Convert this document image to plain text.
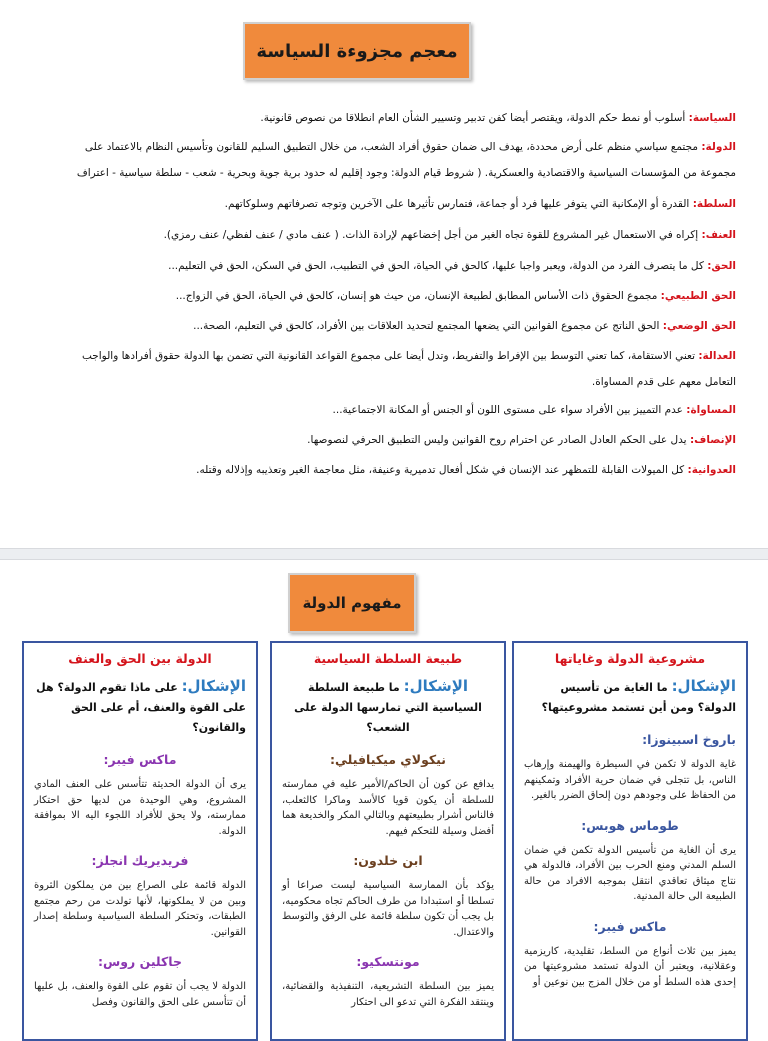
معجم مجزوءة السياسة
السياسة: أسلوب أو نمط حكم الدولة، ويقتصر أيضا كفن تدبير وتسيير الشأن العام انطلاقا من نصوص قانونية.
الدولة: مجتمع سياسي منظم على أرض محددة، يهدف الى ضمان حقوق أفراد الشعب، من خلال التطبيق السليم للقانون وتأسيس النظام بالاعتماد على مجموعة من المؤسسات السياسية والاقتصادية والعسكرية. ( شروط قيام الدولة: وجود إقليم له حدود برية جوية وبحرية - شعب - سلطة سياسية - اعتراف
السلطة: القدرة أو الإمكانية التي يتوفر عليها فرد أو جماعة، فتمارس تأثيرها على الآخرين وتوجه تصرفاتهم وسلوكاتهم.
العنف: إكراه في الاستعمال غير المشروع للقوة تجاه الغير من أجل إخضاعهم لإرادة الذات. ( عنف مادي / عنف لفظي/ عنف رمزي).
الحق: كل ما يتصرف الفرد من الدولة، ويعبر واجبا عليها، كالحق في الحياة، الحق في التطبيب، الحق في السكن، الحق في التعليم...
الحق الطبيعي: مجموع الحقوق ذات الأساس المطابق لطبيعة الإنسان، من حيث هو إنسان، كالحق في الحياة، الحق في الزواج...
الحق الوضعي: الحق الناتج عن مجموع القوانين التي يضعها المجتمع لتحديد العلاقات بين الأفراد، كالحق في التعليم، الصحة...
العدالة: تعني الاستقامة، كما تعني التوسط بين الإفراط والتفريط، وتدل أيضا على مجموع القواعد القانونية التي تضمن بها الدولة حقوق أفرادها والواجب التعامل معهم على قدم المساواة.
المساواة: عدم التمييز بين الأفراد سواء على مستوى اللون أو الجنس أو المكانة الاجتماعية...
الإنصاف: يدل على الحكم العادل الصادر عن احترام روح القوانين وليس التطبيق الحرفي لنصوصها.
العدوانية: كل الميولات القابلة للتمظهر عند الإنسان في شكل أفعال تدميرية وعنيفة، مثل معاجمة الغير وتعذيبه وإذلاله وقتله.
مفهوم الدولة
مشروعية الدولة وغاياتها
الإشكال: ما الغاية من تأسيس الدولة؟ ومن أين تستمد مشروعيتها؟
باروخ اسبينوزا:
غاية الدولة لا تكمن في السيطرة والهيمنة وإرهاب الناس، بل تتجلى في ضمان حرية الأفراد وتمكينهم من الحفاظ على وجودهم دون إلحاق الضرر بالغير.
طوماس هوبس:
يرى أن الغاية من تأسيس الدولة تكمن في ضمان السلم المدني ومنع الحرب بين الأفراد، فالدولة هي نتاج ميثاق تعاقدي انتقل بموجبه الافراد من حالة الطبيعة الى حالة المدنية.
ماكس فيبر:
يميز بين ثلاث أنواع من السلط، تقليدية، كاريزمية وعقلانية، ويعتبر أن الدولة تستمد مشروعيتها من إحدى هذه السلط أو من خلال المزج بين نوعين أو
طبيعة السلطة السياسية
الإشكال: ما طبيعة السلطة السياسية التي تمارسها الدولة على الشعب؟
نيكولاي ميكيافيلي:
يدافع عن كون أن الحاكم/الأمير عليه في ممارسته للسلطة أن يكون قويا كالأسد وماكرا كالثعلب، فالناس أشرار بطبيعتهم وبالتالي المكر والخديعة هما أفضل وسيلة للتحكم فيهم.
ابن خلدون:
يؤكد بأن الممارسة السياسية ليست صراعا أو تسلطا أو استبدادا من طرف الحاكم تجاه محكوميه، بل يجب أن تكون سلطة قائمة على الرفق والتوسط والاعتدال.
مونتسكيو:
يميز بين السلطة التشريعية، التنفيذية والقضائية، وينتقد الفكرة التي تدعو الى احتكار
الدولة بين الحق والعنف
الإشكال: على ماذا تقوم الدولة؟ هل على القوة والعنف، أم على الحق والقانون؟
ماكس فيبر:
يرى أن الدولة الحديثة تتأسس على العنف المادي المشروع، وهي الوحيدة من لديها حق احتكار ممارسته، ولا يحق للأفراد اللجوء اليه الا بموافقة الدولة.
فريديريك انجلز:
الدولة قائمة على الصراع بين من يملكون الثروة وبين من لا يملكونها، لأنها تولدت من رحم مجتمع الطبقات، وتحتكر السلطة السياسية وسلطة إصدار القوانين.
جاكلين روس:
الدولة لا يجب أن تقوم على القوة والعنف، بل عليها أن تتأسس على الحق والقانون وفصل
